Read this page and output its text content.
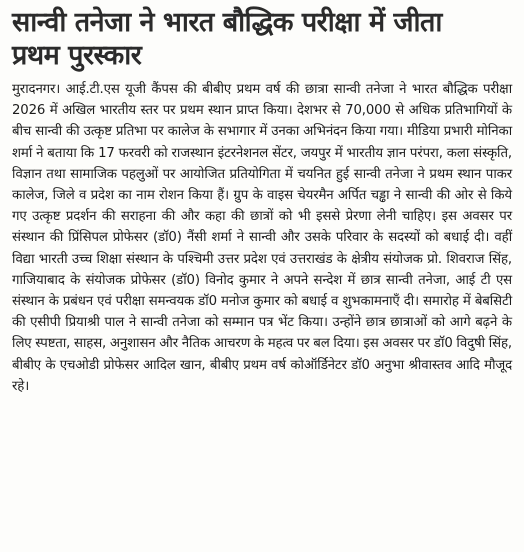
सान्वी तनेजा ने भारत बौद्धिक परीक्षा में जीता
प्रथम पुरस्कार
मुरादनगर। आई.टी.एस यूजी कैंपस की बीबीए प्रथम वर्ष की छात्रा सान्वी तनेजा ने भारत बौद्धिक परीक्षा 2026 में अखिल भारतीय स्तर पर प्रथम स्थान प्राप्त किया। देशभर से 70,000 से अधिक प्रतिभागियों के बीच सान्वी की उत्कृष्ट प्रतिभा पर कालेज के सभागार में उनका अभिनंदन किया गया। मीडिया प्रभारी मोनिका शर्मा ने बताया कि 17 फरवरी को राजस्थान इंटरनेशनल सेंटर, जयपुर में भारतीय ज्ञान परंपरा, कला संस्कृति, विज्ञान तथा सामाजिक पहलुओं पर आयोजित प्रतियोगिता में चयनित हुई सान्वी तनेजा ने प्रथम स्थान पाकर कालेज, जिले व प्रदेश का नाम रोशन किया हैं। ग्रुप के वाइस चेयरमैन अर्पित चड्ढा ने सान्वी की ओर से किये गए उत्कृष्ट प्रदर्शन की सराहना की और कहा की छात्रों को भी इससे प्रेरणा लेनी चाहिए। इस अवसर पर संस्थान की प्रिंसिपल प्रोफेसर (डॉ0) नैंसी शर्मा ने सान्वी और उसके परिवार के सदस्यों को बधाई दी। वहीं विद्या भारती उच्च शिक्षा संस्थान के पश्चिमी उत्तर प्रदेश एवं उत्तराखंड के क्षेत्रीय संयोजक प्रो. शिवराज सिंह, गाजियाबाद के संयोजक प्रोफेसर (डॉ0) विनोद कुमार ने अपने सन्देश में छात्र सान्वी तनेजा, आई टी एस संस्थान के प्रबंधन एवं परीक्षा समन्वयक डॉ0 मनोज कुमार को बधाई व शुभकामनाएँ दी। समारोह में बेबसिटी की एसीपी प्रियाश्री पाल ने सान्वी तनेजा को सम्मान पत्र भेंट किया। उन्होंने छात्र छात्राओं को आगे बढ़ने के लिए स्पष्टता, साहस, अनुशासन और नैतिक आचरण के महत्व पर बल दिया। इस अवसर पर डॉ0 विदुषी सिंह, बीबीए के एचओडी प्रोफेसर आदिल खान, बीबीए प्रथम वर्ष कोऑर्डिनेटर डॉ0 अनुभा श्रीवास्तव आदि मौजूद रहे।
